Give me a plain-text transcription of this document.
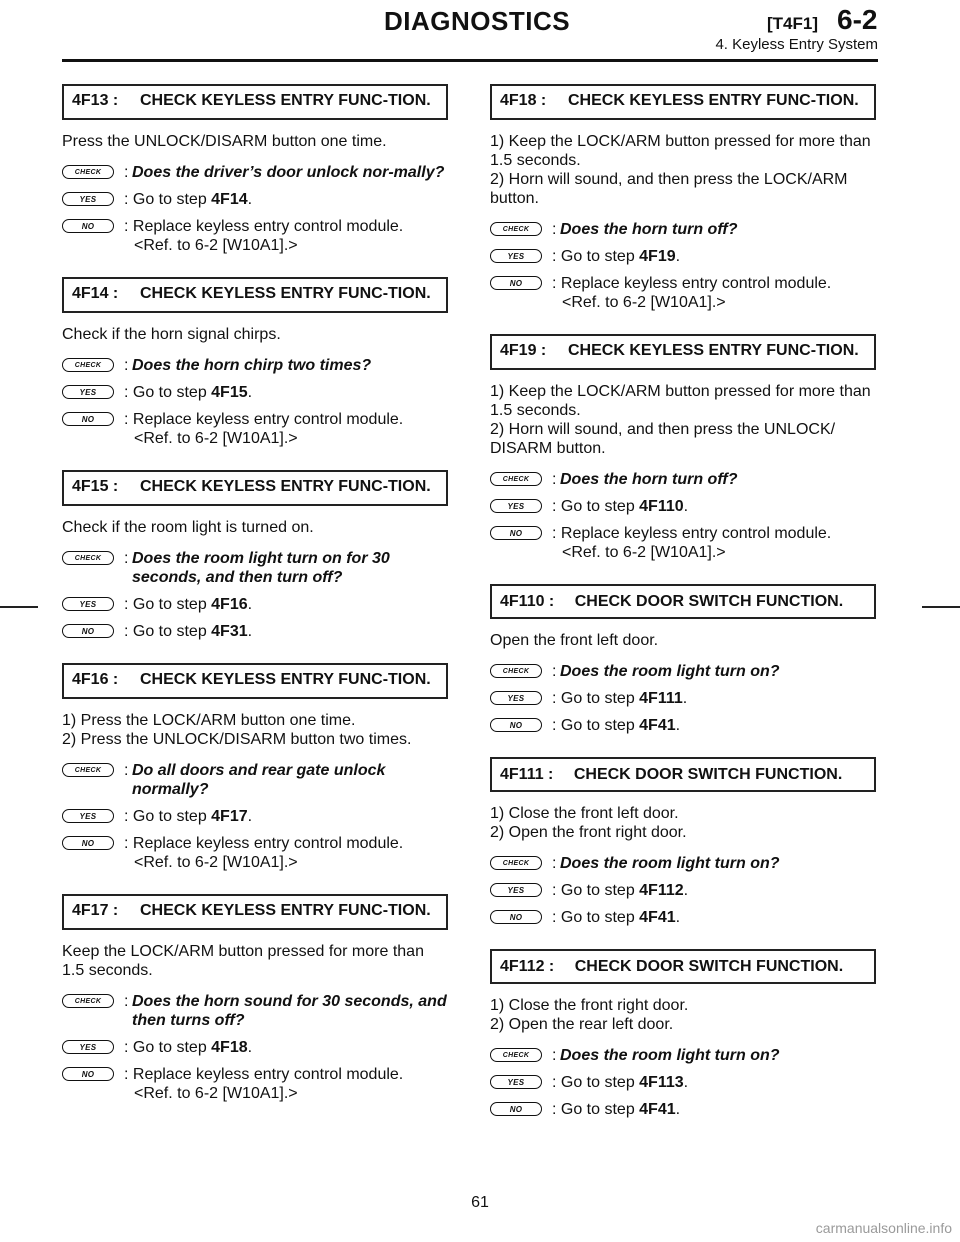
DIAGNOSTICS	[T4F1] 6-2
4. Keyless Entry System
4F13 : CHECK KEYLESS ENTRY FUNC-TION.

Press the UNLOCK/DISARM button one time.

CHECK	: Does the driver’s door unlock nor-mally?
YES	: Go to step 4F14.
NO	: Replace keyless entry control module.
<Ref. to 6-2 [W10A1].>
4F14 : CHECK KEYLESS ENTRY FUNC-TION.

Check if the horn signal chirps.

CHECK	: Does the horn chirp two times?
YES	: Go to step 4F15.
NO	: Replace keyless entry control module.
<Ref. to 6-2 [W10A1].>
4F15 : CHECK KEYLESS ENTRY FUNC-TION.

Check if the room light is turned on.

CHECK	: Does the room light turn on for 30 seconds, and then turn off?
YES	: Go to step 4F16.
NO	: Go to step 4F31.
4F16 : CHECK KEYLESS ENTRY FUNC-TION.

1) Press the LOCK/ARM button one time.

2) Press the UNLOCK/DISARM button two times.

CHECK	: Do all doors and rear gate unlock normally?
YES	: Go to step 4F17.
NO	: Replace keyless entry control module.
<Ref. to 6-2 [W10A1].>
4F17 : CHECK KEYLESS ENTRY FUNC-TION.

Keep the LOCK/ARM button pressed for more than 1.5 seconds.

CHECK	: Does the horn sound for 30 seconds, and then turns off?
YES	: Go to step 4F18.
NO	: Replace keyless entry control module.
<Ref. to 6-2 [W10A1].>
4F18 : CHECK KEYLESS ENTRY FUNC-TION.

1) Keep the LOCK/ARM button pressed for more than 1.5 seconds.

2) Horn will sound, and then press the LOCK/ARM button.

CHECK	: Does the horn turn off?
YES	: Go to step 4F19.
NO	: Replace keyless entry control module.
<Ref. to 6-2 [W10A1].>
4F19 : CHECK KEYLESS ENTRY FUNC-TION.

1) Keep the LOCK/ARM button pressed for more than 1.5 seconds.

2) Horn will sound, and then press the UNLOCK/ DISARM button.

CHECK	: Does the horn turn off?
YES	: Go to step 4F110.
NO	: Replace keyless entry control module.
<Ref. to 6-2 [W10A1].>
4F110 : CHECK DOOR SWITCH FUNCTION.

Open the front left door.

CHECK	: Does the room light turn on?
YES	: Go to step 4F111.
NO	: Go to step 4F41.
4F111 : CHECK DOOR SWITCH FUNCTION.

1) Close the front left door.

2) Open the front right door.

CHECK	: Does the room light turn on?
YES	: Go to step 4F112.
NO	: Go to step 4F41.
4F112 : CHECK DOOR SWITCH FUNCTION.

1) Close the front right door.

2) Open the rear left door.

CHECK	: Does the room light turn on?
YES	: Go to step 4F113.
NO	: Go to step 4F41.
61
carmanualsonline.info
